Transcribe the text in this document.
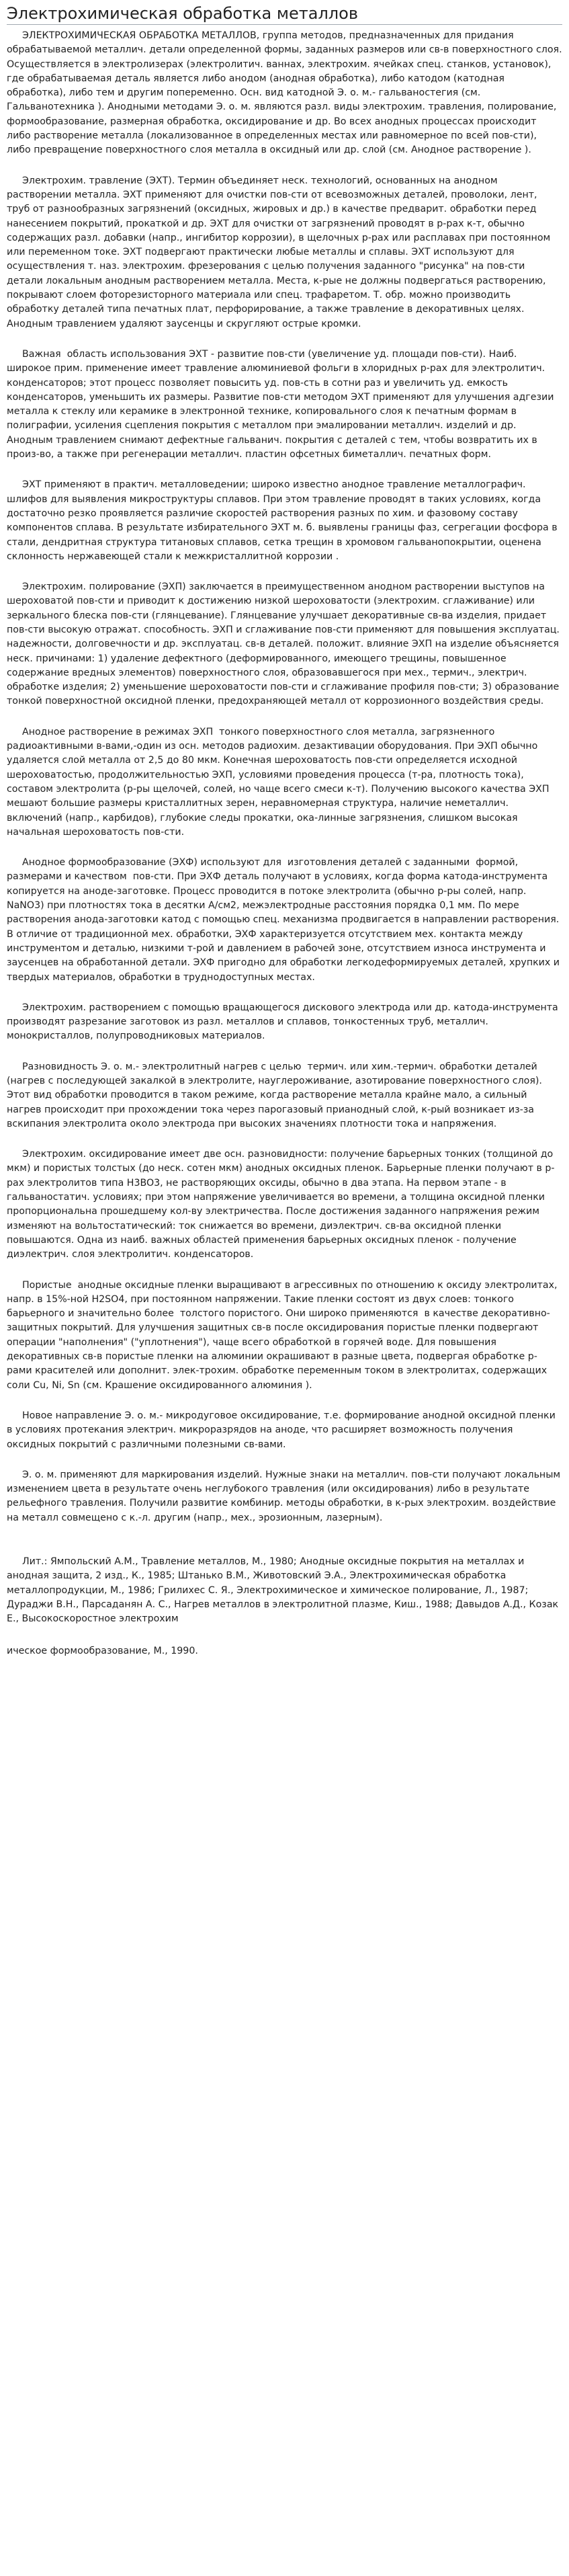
Электрохимическая обработка металлов

ЭЛЕКТРОХИМИЧЕСКАЯ ОБРАБОТКА МЕТАЛЛОВ, группа методов, предназначенных для придания обрабатываемой металлич. детали определенной формы, заданных размеров или св-в поверхностного слоя. Осуществляется в электролизерах (электролитич. ваннах, электрохим. ячейках спец. станков, установок), где обрабатываемая деталь является либо анодом (анодная обработка), либо катодом (катодная обработка), либо тем и другим попеременно. Осн. вид катодной Э. о. м.- гальваностегия (см. Гальванотехника ). Анодными методами Э. о. м. являются разл. виды электрохим. травления, полирование, формообразование, размерная обработка, оксидирование и др. Во всех анодных процессах происходит либо растворение металла (локализованное в определенных местах или равномерное по всей пов-сти), либо превращение поверхностного слоя металла в оксидный или др. слой (см. Анодное растворение ).

Электрохим. травление (ЭХТ). Термин объединяет неск. технологий, основанных на анодном растворении металла. ЭХТ применяют для очистки пов-сти от всевозможных деталей, проволоки, лент, труб от разнообразных загрязнений (оксидных, жировых и др.) в качестве предварит. обработки перед нанесением покрытий, прокаткой и др. ЭХТ для очистки от загрязнений проводят в р-рах к-т, обычно содержащих разл. добавки (напр., ингибитор коррозии), в щелочных р-рах или расплавах при постоянном или переменном токе. ЭХТ подвергают практически любые металлы и сплавы. ЭХТ используют для осуществления т. наз. электрохим. фрезерования с целью получения заданного "рисунка" на пов-сти детали локальным анодным растворением металла. Места, к-рые не должны подвергаться растворению, покрывают слоем фоторезисторного материала или спец. трафаретом. Т. обр. можно производить обработку деталей типа печатных плат, перфорирование, а также травление в декоративных целях. Анодным травлением удаляют заусенцы и скругляют острые кромки.

Важная  область использования ЭХТ - развитие пов-сти (увеличение уд. площади пов-сти). Наиб. широкое прим. применение имеет травление алюминиевой фольги в хлоридных р-рах для электролитич. конденсаторов; этот процесс позволяет повысить уд. пов-сть в сотни раз и увеличить уд. емкость конденсаторов, уменьшить их размеры. Развитие пов-сти методом ЭХТ применяют для улучшения адгезии металла к стеклу или керамике в электронной технике, копировального слоя к печатным формам в полиграфии, усиления сцепления покрытия с металлом при эмалировании металлич. изделий и др. Анодным травлением снимают дефектные гальванич. покрытия с деталей с тем, чтобы возвратить их в произ-во, а также при регенерации металлич. пластин офсетных биметаллич. печатных форм.

ЭХТ применяют в практич. металловедении; широко известно анодное травление металлографич. шлифов для выявления микроструктуры сплавов. При этом травление проводят в таких условиях, когда достаточно резко проявляется различие скоростей растворения разных по хим. и фазовому составу компонентов сплава. В результате избирательного ЭХТ м. б. выявлены границы фаз, сегрегации фосфора в стали, дендритная структура титановых сплавов, сетка трещин в хромовом гальванопокрытии, оценена склонность нержавеющей стали к межкристаллитной коррозии .

Электрохим. полирование (ЭХП) заключается в преимущественном анодном растворении выступов на шероховатой пов-сти и приводит к достижению низкой шероховатости (электрохим. сглаживание) или зеркального блеска пов-сти (глянцевание). Глянцевание улучшает декоративные св-ва изделия, придает пов-сти высокую отражат. способность. ЭХП и сглаживание пов-сти применяют для повышения эксплуатац. надежности, долговечности и др. эксплуатац. св-в деталей. положит. влияние ЭХП на изделие объясняется неск. причинами: 1) удаление дефектного (деформированного, имеющего трещины, повышенное содержание вредных элементов) поверхностного слоя, образовавшегося при мех., термич., электрич. обработке изделия; 2) уменьшение шероховатости пов-сти и сглаживание профиля пов-сти; 3) образование тонкой поверхностной оксидной пленки, предохраняющей металл от коррозионного воздействия среды.

Анодное растворение в режимах ЭХП  тонкого поверхностного слоя металла, загрязненного радиоактивными в-вами,-один из осн. методов радиохим. дезактивации оборудования. При ЭХП обычно удаляется слой металла от 2,5 до 80 мкм. Конечная шероховатость пов-сти определяется исходной шероховатостью, продолжительностью ЭХП, условиями проведения процесса (т-ра, плотность тока), составом электролита (р-ры щелочей, солей, но чаще всего смеси к-т). Получению высокого качества ЭХП мешают большие размеры кристаллитных зерен, неравномерная структура, наличие неметаллич. включений (напр., карбидов), глубокие следы прокатки, ока-линные загрязнения, слишком высокая начальная шероховатость пов-сти.

Анодное формообразование (ЭХФ) используют для  изготовления деталей с заданными  формой, размерами и качеством  пов-сти. При ЭХФ деталь получают в условиях, когда форма катода-инструмента копируется на аноде-заготовке. Процесс проводится в потоке электролита (обычно р-ры солей, напр. NaNO3) при плотностях тока в десятки А/см2, межэлектродные расстояния порядка 0,1 мм. По мере растворения анода-заготовки катод с помощью спец. механизма продвигается в направлении растворения. В отличие от традиционной мех. обработки, ЭХФ характеризуется отсутствием мех. контакта между инструментом и деталью, низкими т-рой и давлением в рабочей зоне, отсутствием износа инструмента и заусенцев на обработанной детали. ЭХФ пригодно для обработки легкодеформируемых деталей, хрупких и твердых материалов, обработки в труднодоступных местах.

Электрохим. растворением с помощью вращающегося дискового электрода или др. катода-инструмента производят разрезание заготовок из разл. металлов и сплавов, тонкостенных труб, металлич. монокристаллов, полупроводниковых материалов.

Разновидность Э. о. м.- электролитный нагрев с целью  термич. или хим.-термич. обработки деталей (нагрев с последующей закалкой в электролите, науглероживание, азотирование поверхностного слоя). Этот вид обработки проводится в таком режиме, когда растворение металла крайне мало, а сильный нагрев происходит при прохождении тока через парогазовый прианодный слой, к-рый возникает из-за вскипания электролита около электрода при высоких значениях плотности тока и напряжения.

Электрохим. оксидирование имеет две осн. разновидности: получение барьерных тонких (толщиной до мкм) и пористых толстых (до неск. сотен мкм) анодных оксидных пленок. Барьерные пленки получают в р-рах электролитов типа H3BO3, не растворяющих оксиды, обычно в два этапа. На первом этапе - в гальваностатич. условиях; при этом напряжение увеличивается во времени, а толщина оксидной пленки пропорциональна прошедшему кол-ву электричества. После достижения заданного напряжения режим изменяют на вольтостатический: ток снижается во времени, диэлектрич. св-ва оксидной пленки повышаются. Одна из наиб. важных областей применения барьерных оксидных пленок - получение диэлектрич. слоя электролитич. конденсаторов.

Пористые  анодные оксидные пленки выращивают в агрессивных по отношению к оксиду электролитах, напр. в 15%-ной H2SO4, при постоянном напряжении. Такие пленки состоят из двух слоев: тонкого  барьерного и значительно более  толстого пористого. Они широко применяются  в качестве декоративно-защитных покрытий. Для улучшения защитных св-в после оксидирования пористые пленки подвергают операции "наполнения" ("уплотнения"), чаще всего обработкой в горячей воде. Для повышения декоративных св-в пористые пленки на алюминии окрашивают в разные цвета, подвергая обработке р-рами красителей или дополнит. элек-трохим. обработке переменным током в электролитах, содержащих соли Cu, Ni, Sn (см. Крашение оксидированного алюминия ).

Новое направление Э. о. м.- микродуговое оксидирование, т.е. формирование анодной оксидной пленки в условиях протекания электрич. микроразрядов на аноде, что расширяет возможность получения оксидных покрытий с различными полезными св-вами.

Э. о. м. применяют для маркирования изделий. Нужные знаки на металлич. пов-сти получают локальным изменением цвета в результате очень неглубокого травления (или оксидирования) либо в результате рельефного травления. Получили развитие комбинир. методы обработки, в к-рых электрохим. воздействие на металл совмещено с к.-л. другим (напр., мех., эрозионным, лазерным).

Лит.: Ямпольский А.М., Травление металлов, М., 1980; Анодные оксидные покрытия на металлах и анодная защита, 2 изд., К., 1985; Штанько В.М., Животовский Э.А., Электрохимическая обработка металлопродукции, М., 1986; Грилихес С. Я., Электрохимическое и химическое полирование, Л., 1987; Дураджи В.Н., Парсаданян А. С., Нагрев металлов в электролитной плазме, Киш., 1988; Давыдов А.Д., Козак Е., Высокоскоростное электрохим

ическое формообразование, М., 1990.
